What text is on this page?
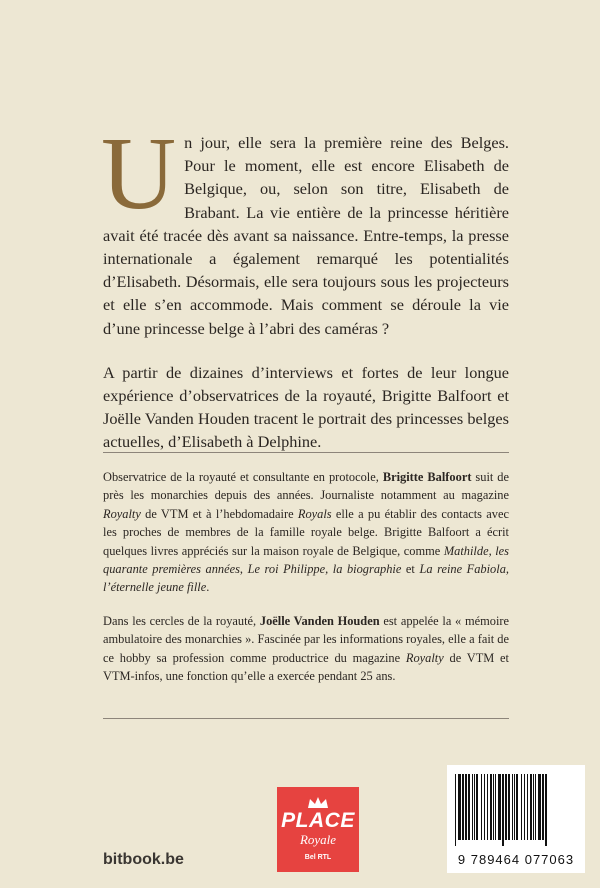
U n jour, elle sera la première reine des Belges. Pour le moment, elle est encore Elisabeth de Belgique, ou, selon son titre, Elisabeth de Brabant. La vie entière de la princesse héritière avait été tracée dès avant sa naissance. Entre-temps, la presse internationale a également remarqué les potentialités d’Elisabeth. Désormais, elle sera toujours sous les projecteurs et elle s’en accommode. Mais comment se déroule la vie d’une princesse belge à l’abri des caméras ?

A partir de dizaines d’interviews et fortes de leur longue expérience d’observatrices de la royauté, Brigitte Balfoort et Joëlle Vanden Houden tracent le portrait des princesses belges actuelles, d’Elisabeth à Delphine.

Observatrice de la royauté et consultante en protocole, Brigitte Balfoort suit de près les monarchies depuis des années. Journaliste notamment au magazine Royalty de VTM et à l’hebdomadaire Royals elle a pu établir des contacts avec les proches de membres de la famille royale belge. Brigitte Balfoort a écrit quelques livres appréciés sur la maison royale de Belgique, comme Mathilde, les quarante premières années, Le roi Philippe, la biographie et La reine Fabiola, l’éternelle jeune fille.
Dans les cercles de la royauté, Joëlle Vanden Houden est appelée la « mémoire ambulatoire des monarchies ». Fascinée par les informations royales, elle a fait de ce hobby sa profession comme productrice du magazine Royalty de VTM et VTM-infos, une fonction qu’elle a exercée pendant 25 ans.
bitbook.be
PLACE
Royale
Bel RTL	9 789464 077063
